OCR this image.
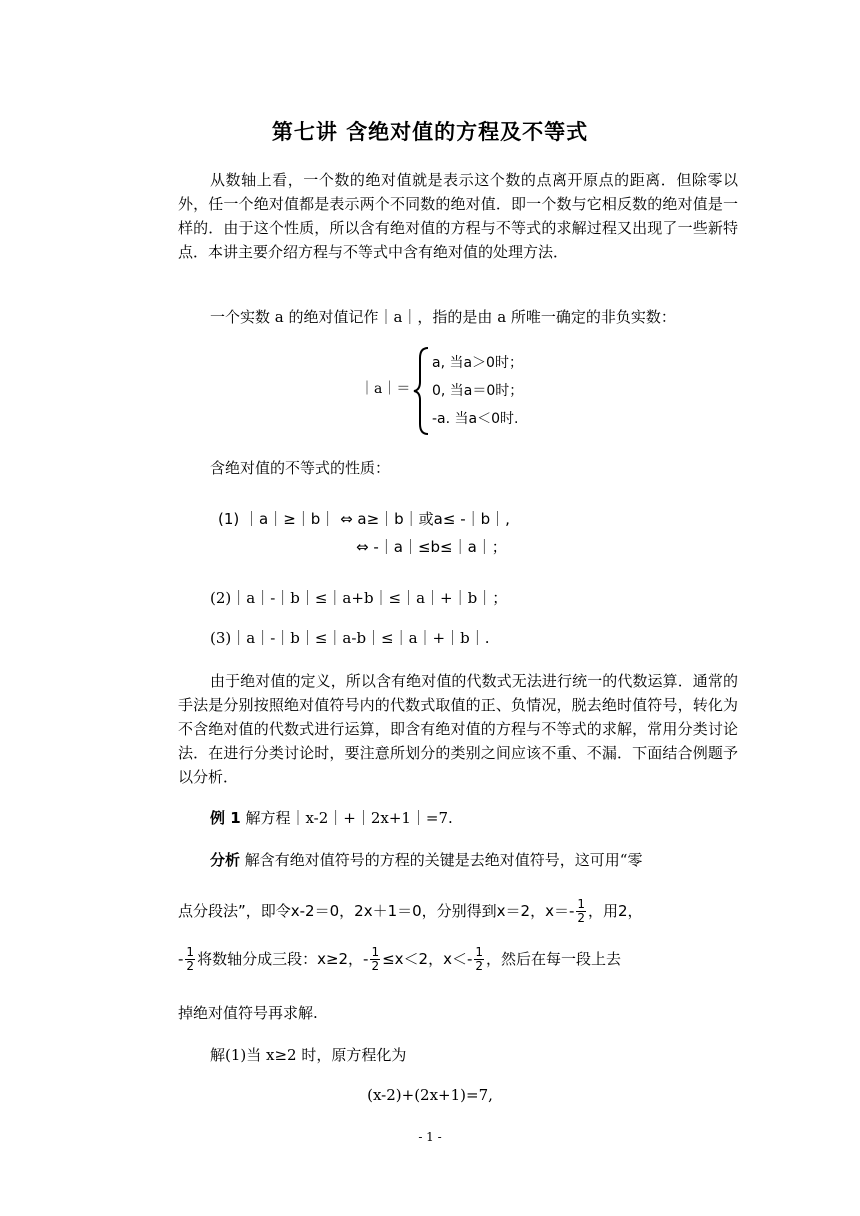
第七讲 含绝对值的方程及不等式

从数轴上看，一个数的绝对值就是表示这个数的点离开原点的距离．但除零以外，任一个绝对值都是表示两个不同数的绝对值．即一个数与它相反数的绝对值是一样的．由于这个性质，所以含有绝对值的方程与不等式的求解过程又出现了一些新特点．本讲主要介绍方程与不等式中含有绝对值的处理方法．

一个实数 a 的绝对值记作｜a｜，指的是由 a 所唯一确定的非负实数：
｜a｜＝
a, 当a＞0时；
0, 当a＝0时；
-a. 当a＜0时.
含绝对值的不等式的性质：
(1) ｜a｜≥｜b｜ ⇔ a≥｜b｜或a≤ -｜b｜,
⇔ -｜a｜≤b≤｜a｜；
(2)｜a｜-｜b｜≤｜a+b｜≤｜a｜+｜b｜；
(3)｜a｜-｜b｜≤｜a-b｜≤｜a｜+｜b｜.

由于绝对值的定义，所以含有绝对值的代数式无法进行统一的代数运算．通常的手法是分别按照绝对值符号内的代数式取值的正、负情况，脱去绝时值符号，转化为不含绝对值的代数式进行运算，即含有绝对值的方程与不等式的求解，常用分类讨论法．在进行分类讨论时，要注意所划分的类别之间应该不重、不漏．下面结合例题予以分析．

例 1 解方程｜x-2｜+｜2x+1｜=7.
分析 解含有绝对值符号的方程的关键是去绝对值符号，这可用“零
点分段法”，即令x-2＝0，2x＋1＝0，分别得到x＝2，$x=- \frac{1}{2}$ ，用2，
- $\frac{1}{2}$ 将数轴分成三段：x≥2，- $\frac{1}{2} \le x<2$，$x<- \frac{1}{2}$ ，然后在每一段上去
掉绝对值符号再求解.
解(1)当 x≥2 时，原方程化为
(x-2)+(2x+1)=7,
- 1 -
